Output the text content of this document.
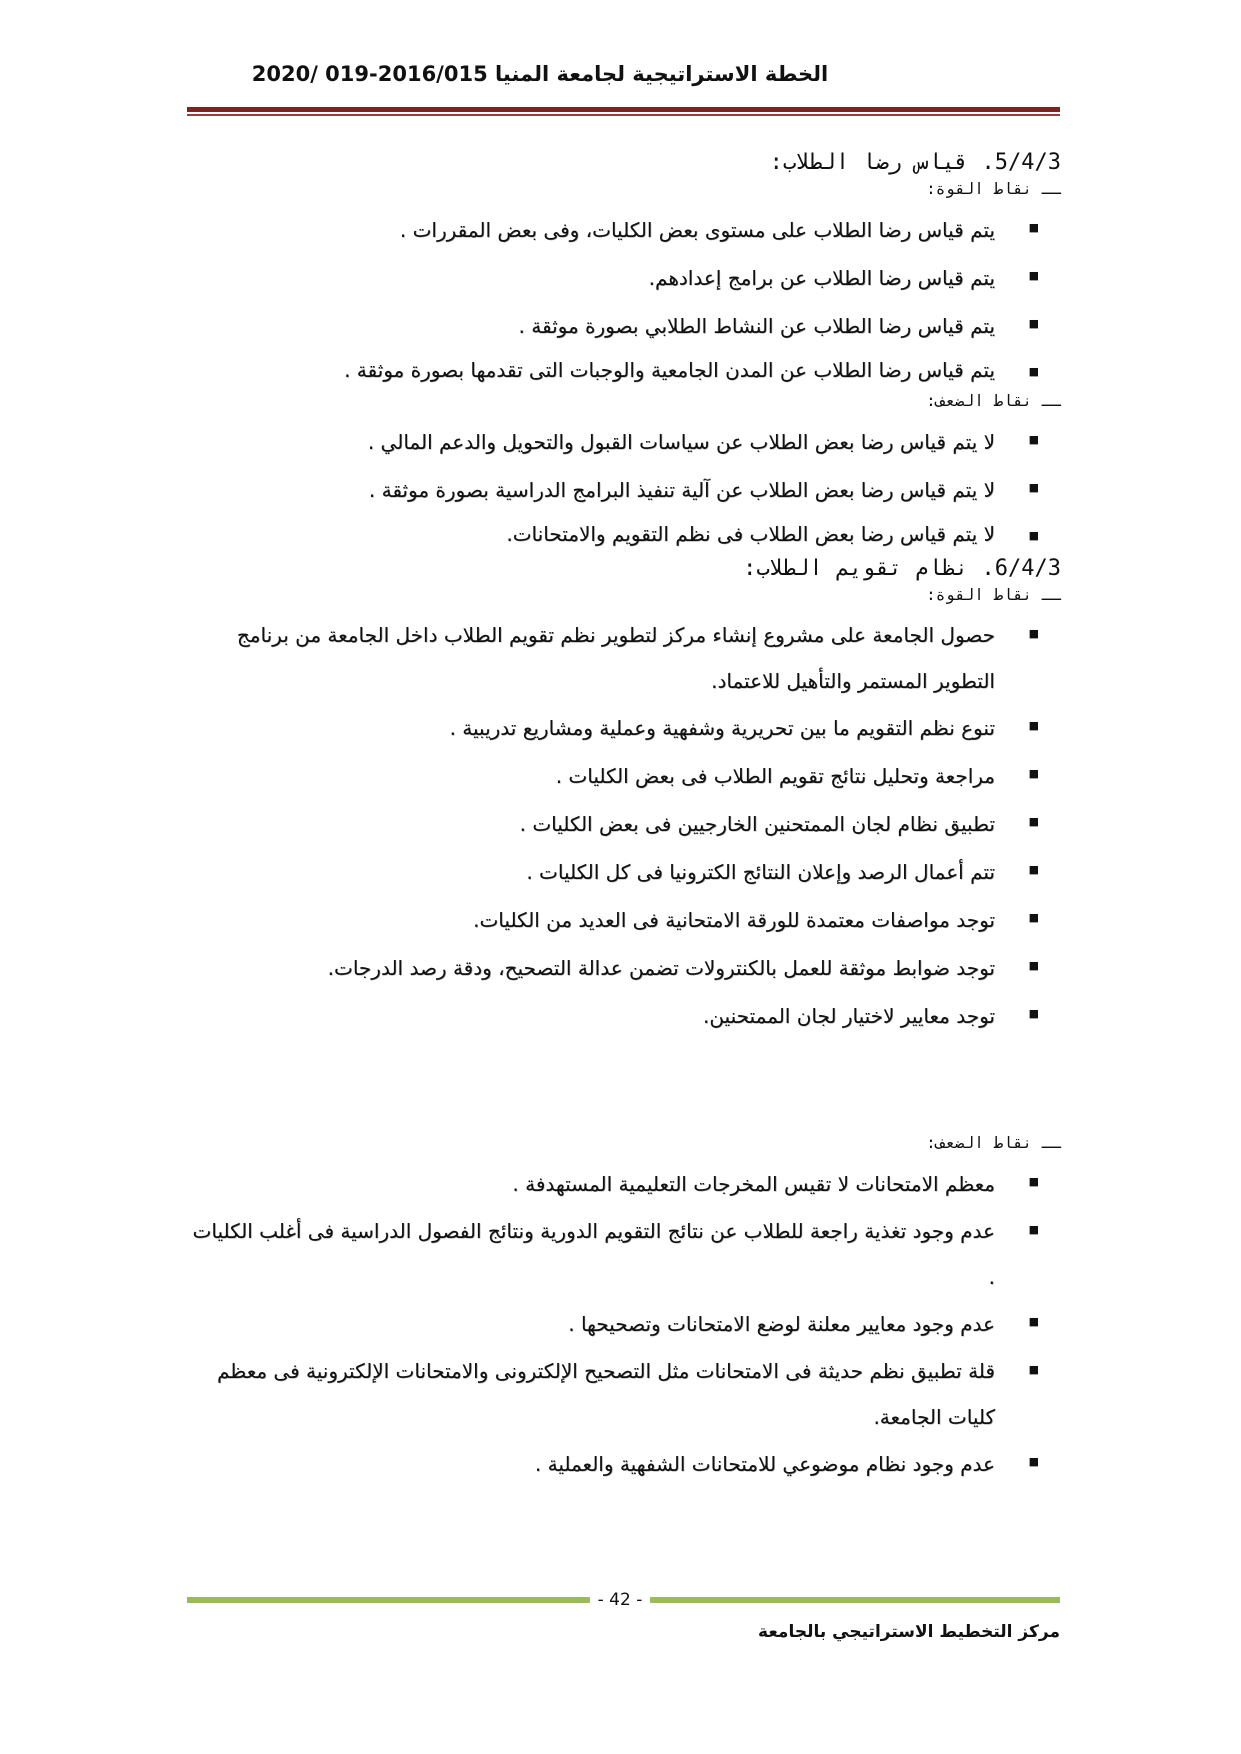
الخطة الاستراتيجية لجامعة المنيا 2016/015-019 /2020

5/4/3. قياس رضا الطلاب:

ــ نقاط القوة:

■
يتم قياس رضا الطلاب على مستوى بعض الكليات، وفى بعض المقررات .
■
يتم قياس رضا الطلاب عن برامج إعدادهم.
■
يتم قياس رضا الطلاب عن النشاط الطلابي بصورة موثقة .
■
يتم قياس رضا الطلاب عن المدن الجامعية والوجبات التى تقدمها بصورة موثقة .

ــ نقاط الضعف:

■
لا يتم قياس رضا بعض الطلاب عن سياسات القبول والتحويل والدعم المالي .
■
لا يتم قياس رضا بعض الطلاب عن آلية تنفيذ البرامج الدراسية بصورة موثقة .
■
لا يتم قياس رضا بعض الطلاب فى نظم التقويم والامتحانات.

6/4/3. نظام تقويم الطلاب:

ــ نقاط القوة:

■
حصول الجامعة على مشروع إنشاء مركز لتطوير نظم تقويم الطلاب داخل الجامعة من برنامج التطوير المستمر والتأهيل للاعتماد.
■
تنوع نظم التقويم ما بين تحريرية وشفهية وعملية ومشاريع تدريبية .
■
مراجعة وتحليل نتائج تقويم الطلاب فى بعض الكليات .
■
تطبيق نظام لجان الممتحنين الخارجيين فى بعض الكليات .
■
تتم أعمال الرصد وإعلان النتائج الكترونيا فى كل الكليات .
■
توجد مواصفات معتمدة للورقة الامتحانية فى العديد من الكليات.
■
توجد ضوابط موثقة للعمل بالكنترولات تضمن عدالة التصحيح، ودقة رصد الدرجات.
■
توجد معايير لاختيار لجان الممتحنين.

ــ نقاط الضعف:

■
معظم الامتحانات لا تقيس المخرجات التعليمية المستهدفة .
■
عدم وجود تغذية راجعة للطلاب عن نتائج التقويم الدورية ونتائج الفصول الدراسية فى أغلب الكليات .
■
عدم وجود معايير معلنة لوضع الامتحانات وتصحيحها .
■
قلة تطبيق نظم حديثة فى الامتحانات مثل التصحيح الإلكترونى والامتحانات الإلكترونية فى معظم كليات الجامعة.
■
عدم وجود نظام موضوعي للامتحانات الشفهية والعملية .
- 42 -
مركز التخطيط الاستراتيجي بالجامعة
